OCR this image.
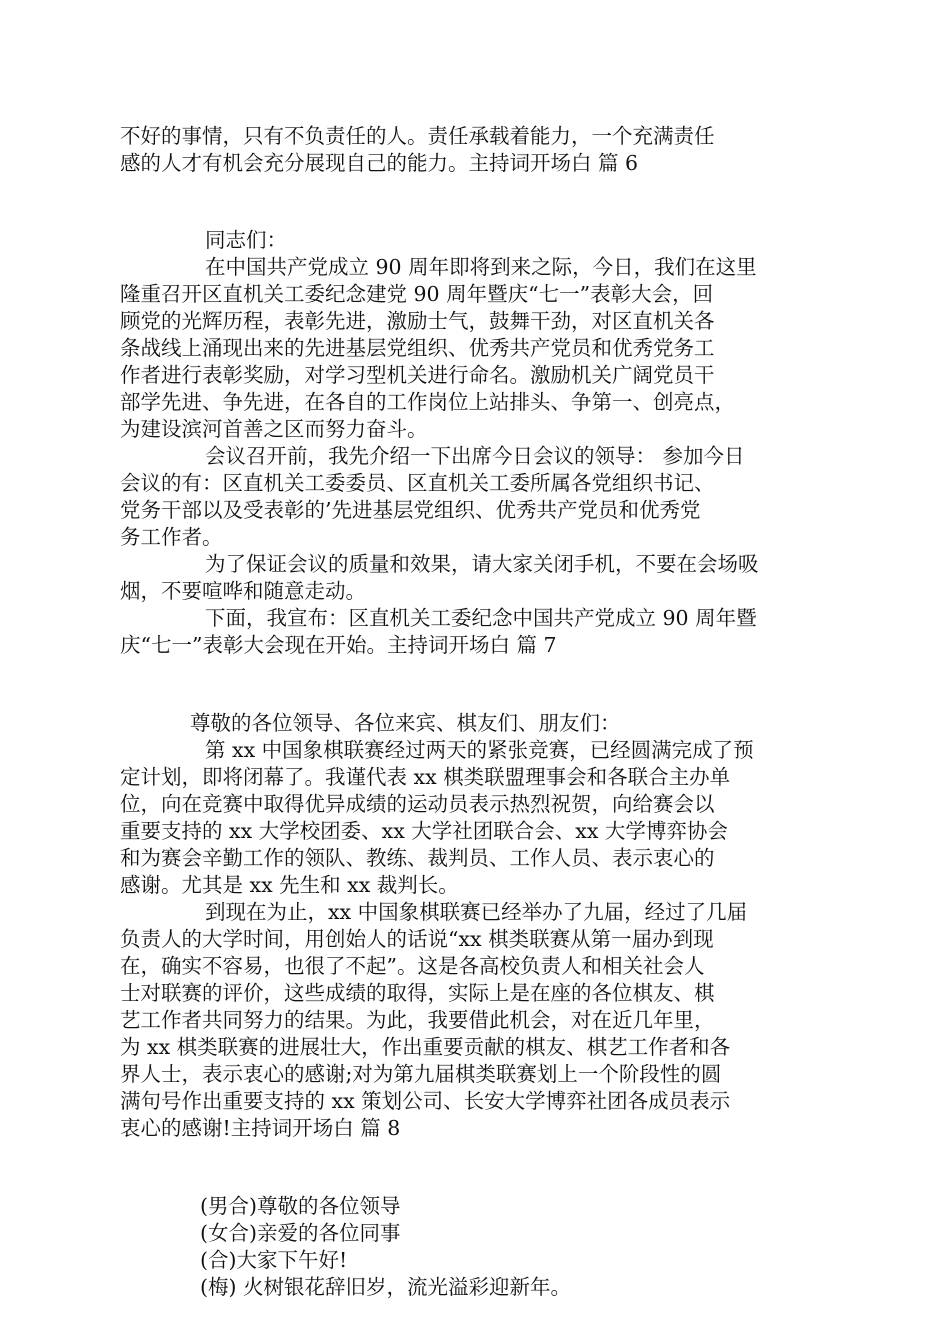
不好的事情，只有不负责任的人。责任承载着能力，一个充满责任

感的人才有机会充分展现自己的能力。主持词开场白 篇 6

同志们：

在中国共产党成立 90 周年即将到来之际，今日，我们在这里

隆重召开区直机关工委纪念建党 90 周年暨庆“七一”表彰大会，回

顾党的光辉历程，表彰先进，激励士气，鼓舞干劲，对区直机关各

条战线上涌现出来的先进基层党组织、优秀共产党员和优秀党务工

作者进行表彰奖励，对学习型机关进行命名。激励机关广阔党员干

部学先进、争先进，在各自的工作岗位上站排头、争第一、创亮点，

为建设滨河首善之区而努力奋斗。

会议召开前，我先介绍一下出席今日会议的领导： 参加今日

会议的有：区直机关工委委员、区直机关工委所属各党组织书记、

党务干部以及受表彰的’先进基层党组织、优秀共产党员和优秀党

务工作者。

为了保证会议的质量和效果，请大家关闭手机，不要在会场吸

烟，不要喧哗和随意走动。

下面，我宣布：区直机关工委纪念中国共产党成立 90 周年暨

庆“七一”表彰大会现在开始。主持词开场白 篇 7

尊敬的各位领导、各位来宾、棋友们、朋友们：

第 xx 中国象棋联赛经过两天的紧张竞赛，已经圆满完成了预

定计划，即将闭幕了。我谨代表 xx 棋类联盟理事会和各联合主办单

位，向在竞赛中取得优异成绩的运动员表示热烈祝贺，向给赛会以

重要支持的 xx 大学校团委、xx 大学社团联合会、xx 大学博弈协会

和为赛会辛勤工作的领队、教练、裁判员、工作人员、表示衷心的

感谢。尤其是 xx 先生和 xx 裁判长。

到现在为止，xx 中国象棋联赛已经举办了九届，经过了几届

负责人的大学时间，用创始人的话说“xx 棋类联赛从第一届办到现

在，确实不容易，也很了不起”。这是各高校负责人和相关社会人

士对联赛的评价，这些成绩的取得，实际上是在座的各位棋友、棋

艺工作者共同努力的结果。为此，我要借此机会，对在近几年里，

为 xx 棋类联赛的进展壮大，作出重要贡献的棋友、棋艺工作者和各

界人士，表示衷心的感谢;对为第九届棋类联赛划上一个阶段性的圆

满句号作出重要支持的 xx 策划公司、长安大学博弈社团各成员表示

衷心的感谢!主持词开场白 篇 8

(男合)尊敬的各位领导

(女合)亲爱的各位同事

(合)大家下午好!

(梅) 火树银花辞旧岁，流光溢彩迎新年。
